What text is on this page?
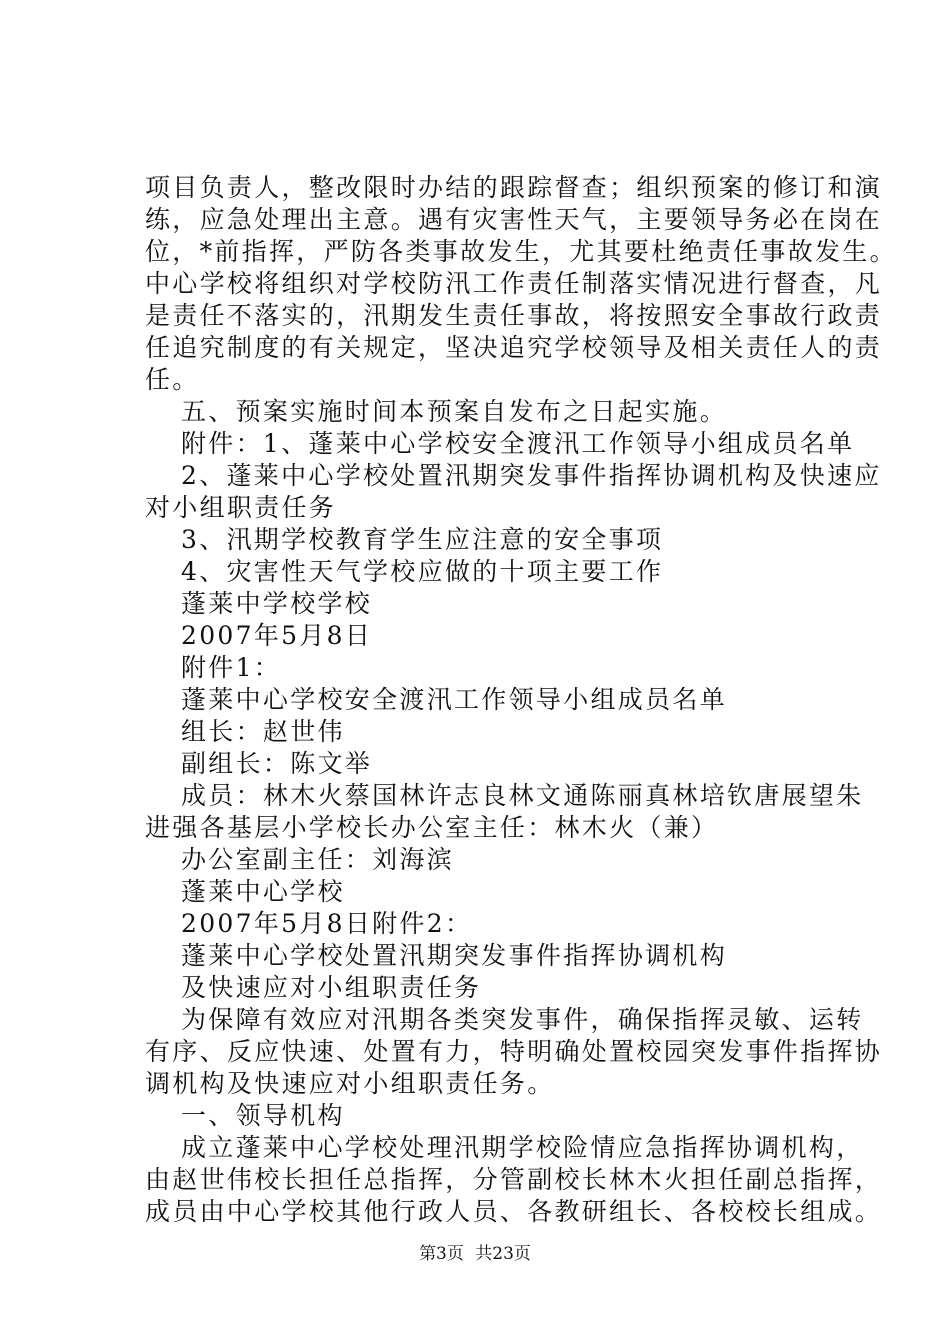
项目负责人，整改限时办结的跟踪督查；组织预案的修订和演
练，应急处理出主意。遇有灾害性天气，主要领导务必在岗在
位，*前指挥，严防各类事故发生，尤其要杜绝责任事故发生。
中心学校将组织对学校防汛工作责任制落实情况进行督查，凡
是责任不落实的，汛期发生责任事故，将按照安全事故行政责
任追究制度的有关规定，坚决追究学校领导及相关责任人的责
任。
五、预案实施时间本预案自发布之日起实施。
附件：1、蓬莱中心学校安全渡汛工作领导小组成员名单
2、蓬莱中心学校处置汛期突发事件指挥协调机构及快速应
对小组职责任务
3、汛期学校教育学生应注意的安全事项
4、灾害性天气学校应做的十项主要工作
蓬莱中学校学校
2007年5月8日
附件1：
蓬莱中心学校安全渡汛工作领导小组成员名单
组长：赵世伟
副组长：陈文举
成员：林木火蔡国林许志良林文通陈丽真林培钦唐展望朱
进强各基层小学校长办公室主任：林木火（兼）
办公室副主任：刘海滨
蓬莱中心学校
2007年5月8日附件2：
蓬莱中心学校处置汛期突发事件指挥协调机构
及快速应对小组职责任务
为保障有效应对汛期各类突发事件，确保指挥灵敏、运转
有序、反应快速、处置有力，特明确处置校园突发事件指挥协
调机构及快速应对小组职责任务。
一、领导机构
成立蓬莱中心学校处理汛期学校险情应急指挥协调机构，
由赵世伟校长担任总指挥，分管副校长林木火担任副总指挥，
成员由中心学校其他行政人员、各教研组长、各校校长组成。
第3页 共23页
